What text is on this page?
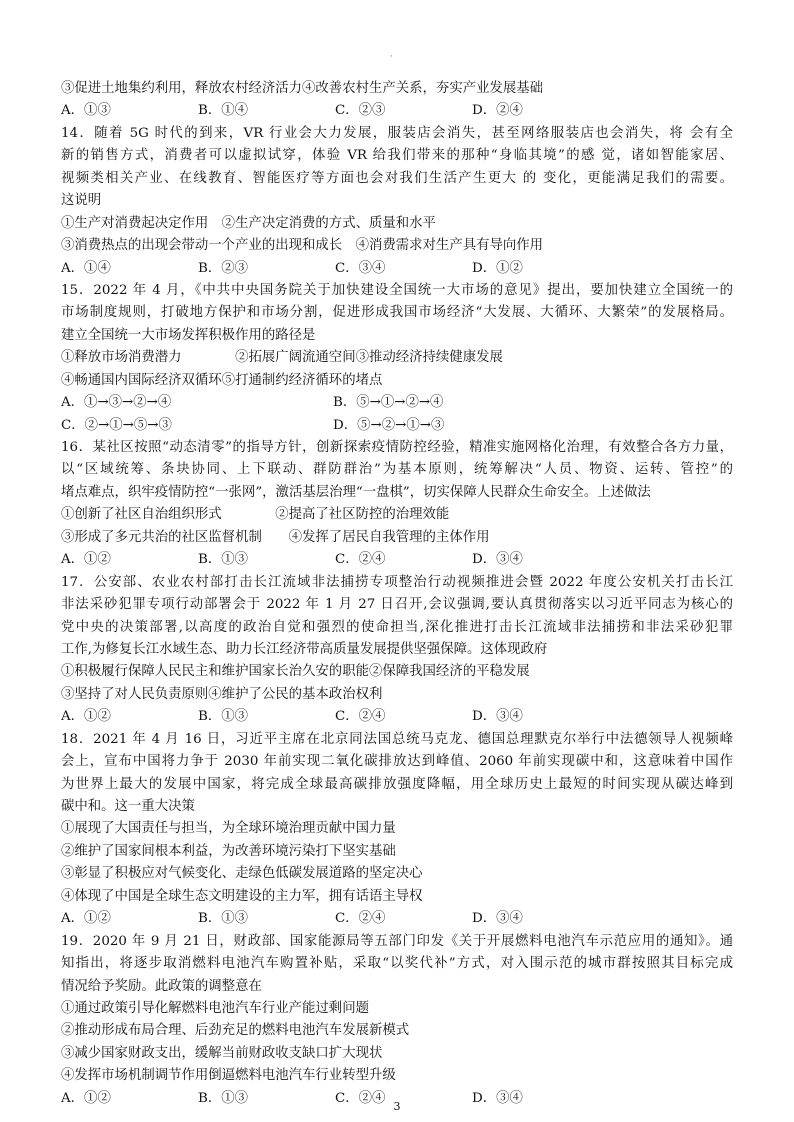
·
③促进土地集约利用，释放农村经济活力④改善农村生产关系，夯实产业发展基础
A．①③	B．①④	C．②③	D．②④
14．随着 5G 时代的到来，VR 行业会大力发展，服装店会消失，甚至网络服装店也会消失，将 会有全
新的销售方式，消费者可以虚拟试穿，体验 VR 给我们带来的那种“身临其境”的感 觉，诸如智能家居、
视频类相关产业、在线教育、智能医疗等方面也会对我们生活产生更大 的 变化，更能满足我们的需要。
这说明
①生产对消费起决定作用　②生产决定消费的方式、质量和水平
③消费热点的出现会带动一个产业的出现和成长　④消费需求对生产具有导向作用
A．①④	B．②③	C．③④	D．①②
15．2022 年 4 月，《中共中央国务院关于加快建设全国统一大市场的意见》提出，要加快建立全国统一的
市场制度规则，打破地方保护和市场分割，促进形成我国市场经济“大发展、大循环、大繁荣”的发展格局。
建立全国统一大市场发挥积极作用的路径是
①释放市场消费潜力　　　　②拓展广阔流通空间③推动经济持续健康发展
④畅通国内国际经济双循环⑤打通制约经济循环的堵点
A．①→③→②→④	B．⑤→①→②→④
C．②→①→⑤→③	D．⑤→②→①→③
16．某社区按照“动态清零”的指导方针，创新探索疫情防控经验，精准实施网格化治理，有效整合各方力量，
以“区域统筹、条块协同、上下联动、群防群治”为基本原则，统筹解决“人员、物资、运转、管控”的
堵点难点，织牢疫情防控“一张网”，激活基层治理“一盘棋”，切实保障人民群众生命安全。上述做法
①创新了社区自治组织形式　　　　②提高了社区防控的治理效能
③形成了多元共治的社区监督机制　　④发挥了居民自我管理的主体作用
A．①②	B．①③	C．②④	D．③④
17．公安部、农业农村部打击长江流域非法捕捞专项整治行动视频推进会暨 2022 年度公安机关打击长江
非法采砂犯罪专项行动部署会于 2022 年 1 月 27 日召开,会议强调,要认真贯彻落实以习近平同志为核心的
党中央的决策部署,以高度的政治自觉和强烈的使命担当,深化推进打击长江流域非法捕捞和非法采砂犯罪
工作,为修复长江水域生态、助力长江经济带高质量发展提供坚强保障。这体现政府
①积极履行保障人民民主和维护国家长治久安的职能②保障我国经济的平稳发展
③坚持了对人民负责原则④维护了公民的基本政治权利
A．①②	B．①③	C．②④	D．③④
18．2021 年 4 月 16 日，习近平主席在北京同法国总统马克龙、德国总理默克尔举行中法德领导人视频峰
会上，宣布中国将力争于 2030 年前实现二氧化碳排放达到峰值、2060 年前实现碳中和，这意味着中国作
为世界上最大的发展中国家，将完成全球最高碳排放强度降幅，用全球历史上最短的时间实现从碳达峰到
碳中和。这一重大决策
①展现了大国责任与担当，为全球环境治理贡献中国力量
②维护了国家间根本利益，为改善环境污染打下坚实基础
③彰显了积极应对气候变化、走绿色低碳发展道路的坚定决心
④体现了中国是全球生态文明建设的主力军，拥有话语主导权
A．①②	B．①③	C．②④	D．③④
19．2020 年 9 月 21 日，财政部、国家能源局等五部门印发《关于开展燃料电池汽车示范应用的通知》。通
知指出，将逐步取消燃料电池汽车购置补贴，采取“以奖代补”方式，对入围示范的城市群按照其目标完成
情况给予奖励。此政策的调整意在
①通过政策引导化解燃料电池汽车行业产能过剩问题
②推动形成布局合理、后劲充足的燃料电池汽车发展新模式
③减少国家财政支出，缓解当前财政收支缺口扩大现状
④发挥市场机制调节作用倒逼燃料电池汽车行业转型升级
A．①②	B．①③	C．②④	D．③④
3
